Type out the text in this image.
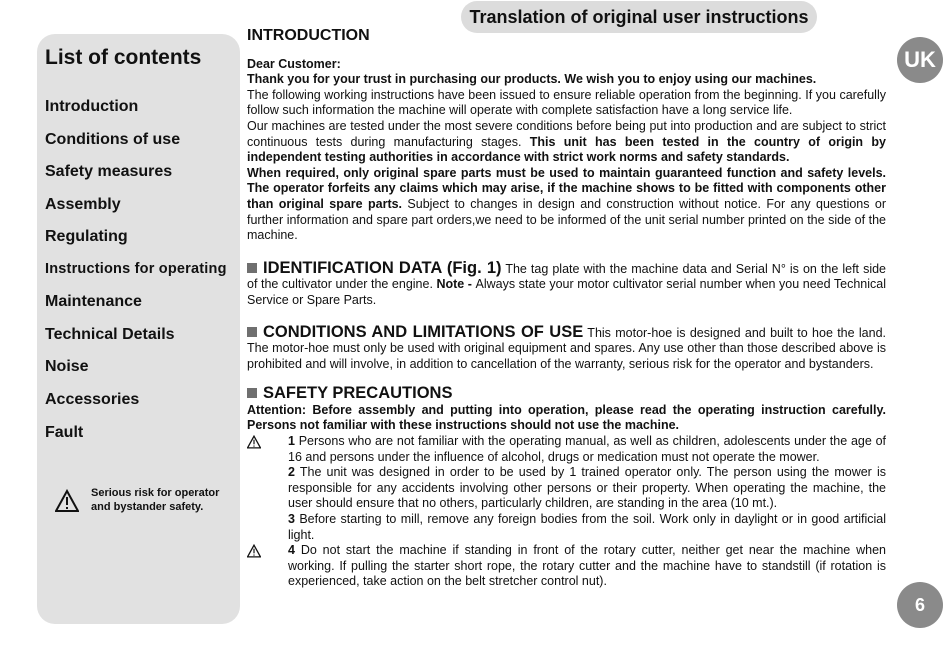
Translation of original user instructions
List of contents
Introduction
Conditions of use
Safety measures
Assembly
Regulating
Instructions for operating
Maintenance
Technical Details
Noise
Accessories
Fault
Serious risk for operator and bystander safety.
UK
6
INTRODUCTION

Dear Customer:

Thank you for your trust in purchasing our products. We wish you to enjoy using our machines.

The following working instructions have been issued to ensure reliable operation from the beginning. If you carefully follow such information the machine will operate with complete satisfaction have a long service life.

Our machines are tested under the most severe conditions before being put into production and are subject to strict continuous tests during manufacturing stages. This unit has been tested in the country of origin by independent testing authorities in accordance with strict work norms and safety standards.

When required, only original spare parts must be used to maintain guaranteed function and safety levels. The operator forfeits any claims which may arise, if the machine shows to be fitted with components other than original spare parts. Subject to changes in design and construction without notice. For any questions or further information and spare part orders,we need to be informed of the unit serial number printed on the side of the machine.

IDENTIFICATION DATA (Fig. 1) The tag plate with the machine data and Serial N° is on the left side of the cultivator under the engine. Note - Always state your motor cultivator serial number when you need Technical Service or Spare Parts.

CONDITIONS AND LIMITATIONS OF USE This motor-hoe is designed and built to hoe the land. The motor-hoe must only be used with original equipment and spares. Any use other than those described above is prohibited and will involve, in addition to cancellation of the warranty, serious risk for the operator and bystanders.

SAFETY PRECAUTIONS

Attention: Before assembly and putting into operation, please read the operating instruction carefully. Persons not familiar with these instructions should not use the machine.

1 Persons who are not familiar with the operating manual, as well as children, adolescents under the age of 16 and persons under the influence of alcohol, drugs or medication must not operate the mower.
2 The unit was designed in order to be used by 1 trained operator only. The person using the mower is responsible for any accidents involving other persons or their property. When operating the machine, the user should ensure that no others, particularly children, are standing in the area (10 mt.).
3 Before starting to mill, remove any foreign bodies from the soil. Work only in daylight or in good artificial light.
4 Do not start the machine if standing in front of the rotary cutter, neither get near the machine when working. If pulling the starter short rope, the rotary cutter and the machine have to standstill (if rotation is experienced, take action on the belt stretcher control nut).
